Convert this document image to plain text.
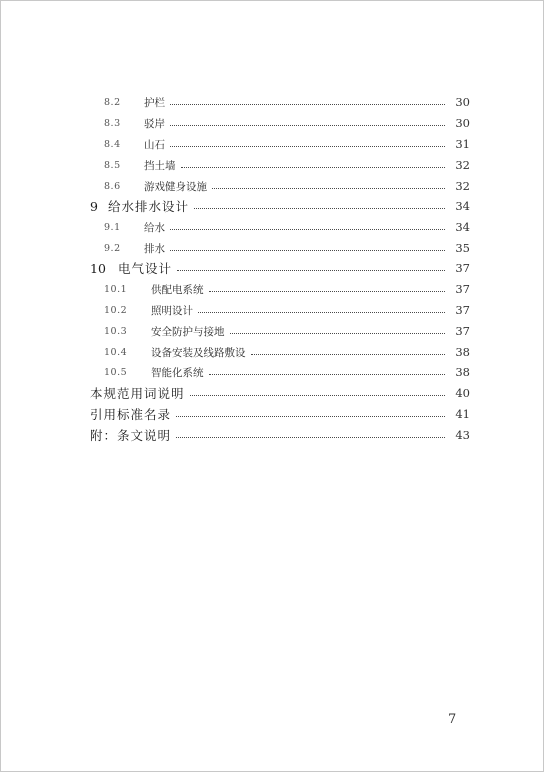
8.2	护栏	30
8.3	驳岸	30
8.4	山石	31
8.5	挡土墙	32
8.6	游戏健身设施	32
9 给水排水设计	34
9.1	给水	34
9.2	排水	35
10 电气设计	37
10.1	供配电系统	37
10.2	照明设计	37
10.3	安全防护与接地	37
10.4	设备安装及线路敷设	38
10.5	智能化系统	38
本规范用词说明	40
引用标准名录	41
附：条文说明	43
7
